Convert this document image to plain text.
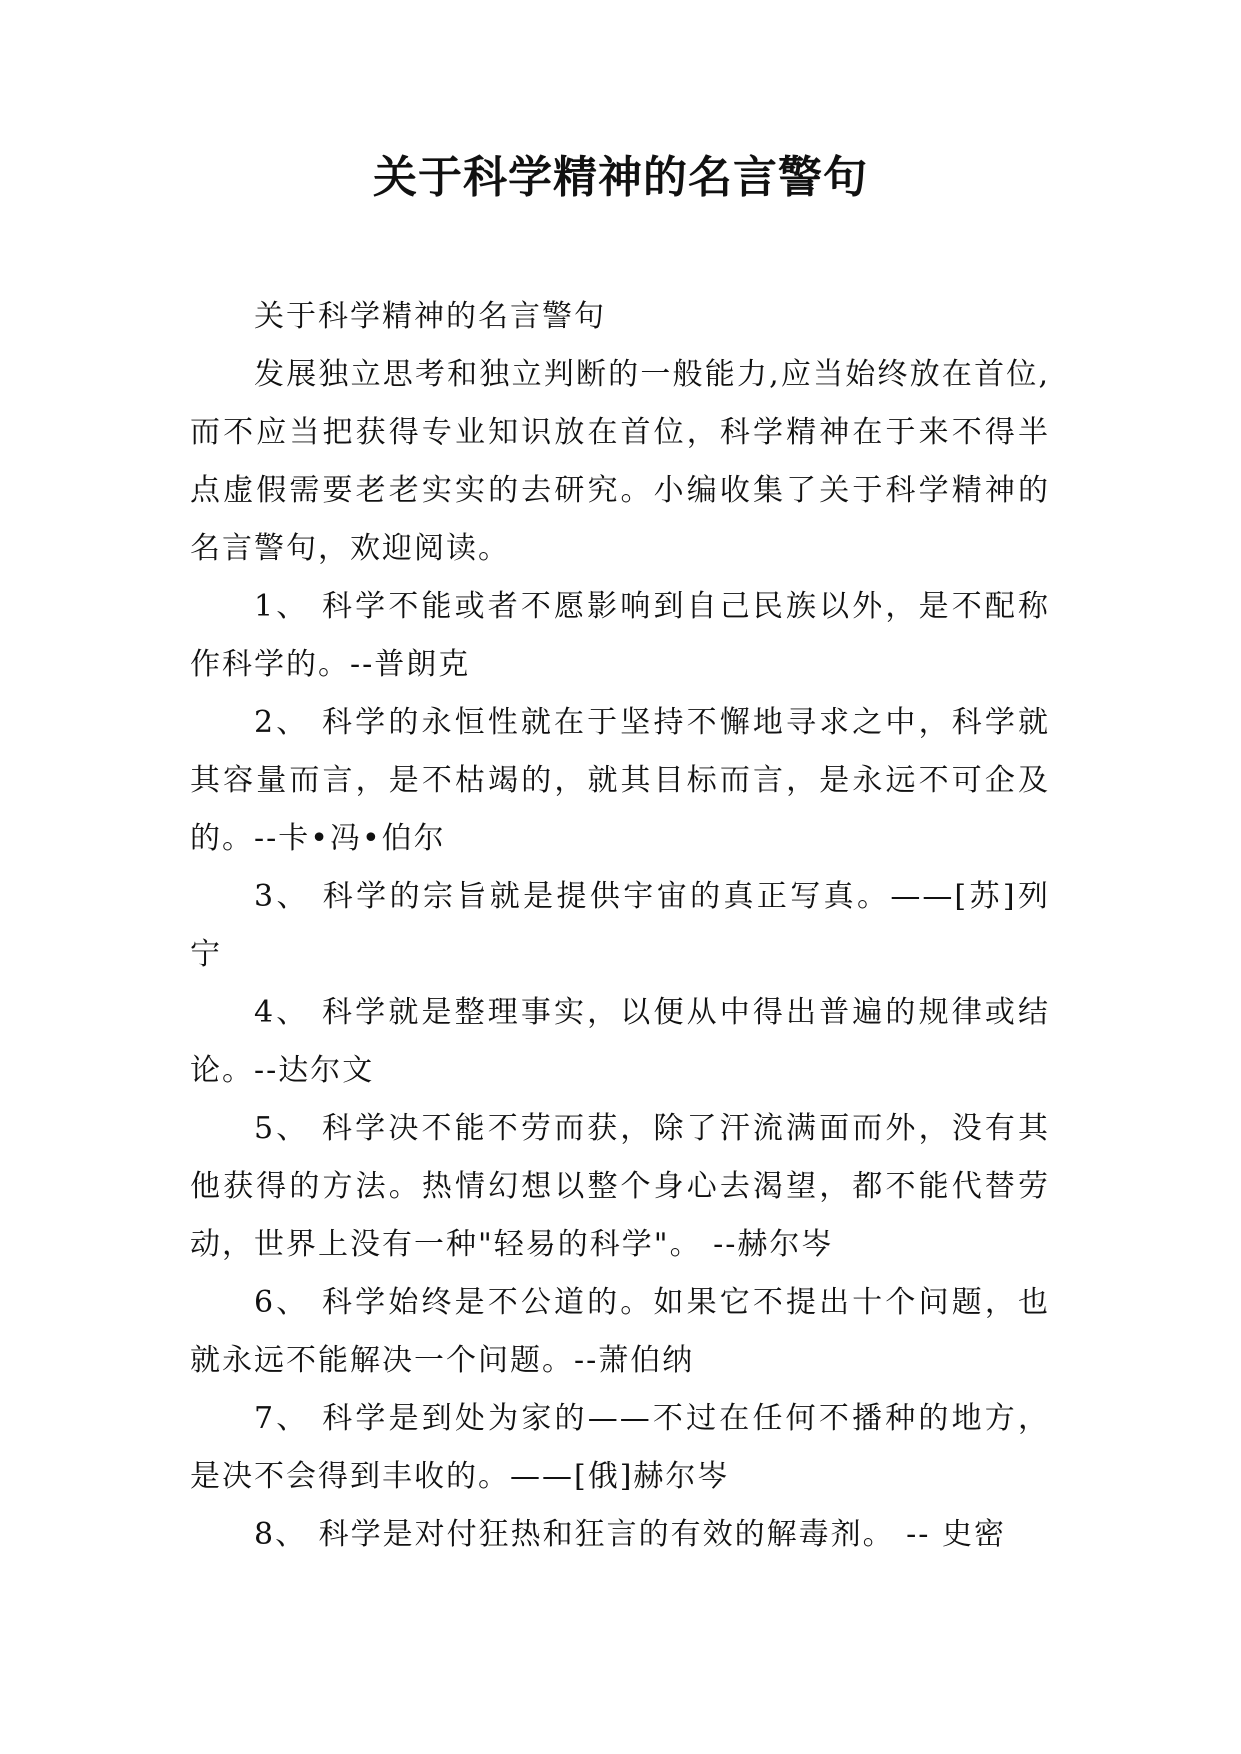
关于科学精神的名言警句

关于科学精神的名言警句

发展独立思考和独立判断的一般能力,应当始终放在首位,而不应当把获得专业知识放在首位，科学精神在于来不得半点虚假需要老老实实的去研究。小编收集了关于科学精神的名言警句，欢迎阅读。

1、 科学不能或者不愿影响到自己民族以外，是不配称作科学的。--普朗克

2、 科学的永恒性就在于坚持不懈地寻求之中，科学就其容量而言，是不枯竭的，就其目标而言，是永远不可企及的。--卡•冯•伯尔

3、 科学的宗旨就是提供宇宙的真正写真。——[苏]列宁

4、 科学就是整理事实，以便从中得出普遍的规律或结论。--达尔文

5、 科学决不能不劳而获，除了汗流满面而外，没有其他获得的方法。热情幻想以整个身心去渴望，都不能代替劳动，世界上没有一种"轻易的科学"。 --赫尔岑

6、 科学始终是不公道的。如果它不提出十个问题，也就永远不能解决一个问题。--萧伯纳

7、 科学是到处为家的——不过在任何不播种的地方，是决不会得到丰收的。——[俄]赫尔岑

8、 科学是对付狂热和狂言的有效的解毒剂。 -- 史密
